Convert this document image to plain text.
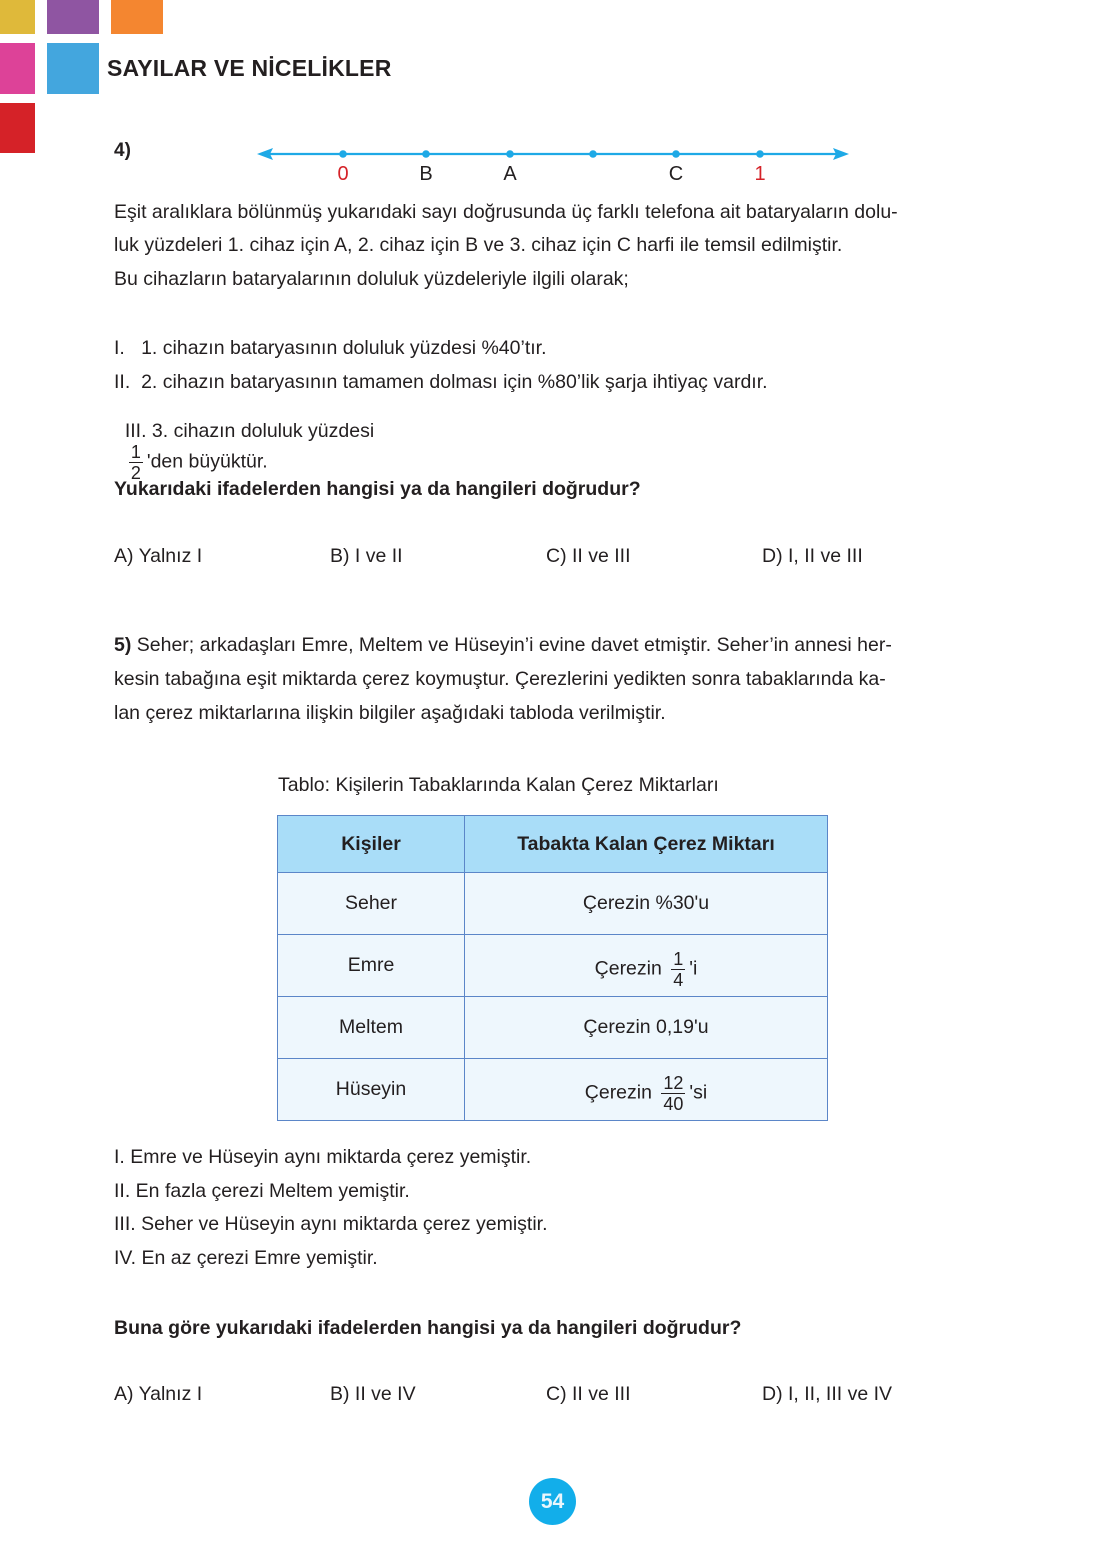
SAYILAR VE NİCELİKLER
4)
0	B	A	C	1
Eşit aralıklara bölünmüş yukarıdaki sayı doğrusunda üç farklı telefona ait bataryaların dolu-
luk yüzdeleri 1. cihaz için A, 2. cihaz için B ve 3. cihaz için C harfi ile temsil edilmiştir.
Bu cihazların bataryalarının doluluk yüzdeleriyle ilgili olarak;
I.   1. cihazın bataryasının doluluk yüzdesi %40’tır.
II.  2. cihazın bataryasının tamamen dolması için %80’lik şarja ihtiyaç vardır.

III. 3. cihazın doluluk yüzdesi

$\frac{1}{2}$ 'den büyüktür.

Yukarıdaki ifadelerden hangisi ya da hangileri doğrudur?
A) Yalnız I	B) I ve II	C) II ve III	D) I, II ve III
5) Seher; arkadaşları Emre, Meltem ve Hüseyin’i evine davet etmiştir. Seher’in annesi her-
kesin tabağına eşit miktarda çerez koymuştur. Çerezlerini yedikten sonra tabaklarında ka-
lan çerez miktarlarına ilişkin bilgiler aşağıdaki tabloda verilmiştir.
Tablo: Kişilerin Tabaklarında Kalan Çerez Miktarları
Kişiler	Tabakta Kalan Çerez Miktarı
Seher	Çerezin %30'u
Emre	Çerezin $\frac{1}{4}$ 'i
Meltem	Çerezin 0,19'u
Hüseyin	Çerezin $\frac{12}{40}$ 'si
I. Emre ve Hüseyin aynı miktarda çerez yemiştir.
II. En fazla çerezi Meltem yemiştir.
III. Seher ve Hüseyin aynı miktarda çerez yemiştir.
IV. En az çerezi Emre yemiştir.
Buna göre yukarıdaki ifadelerden hangisi ya da hangileri doğrudur?
A) Yalnız I	B) II ve IV	C) II ve III	D) I, II, III ve IV
54
